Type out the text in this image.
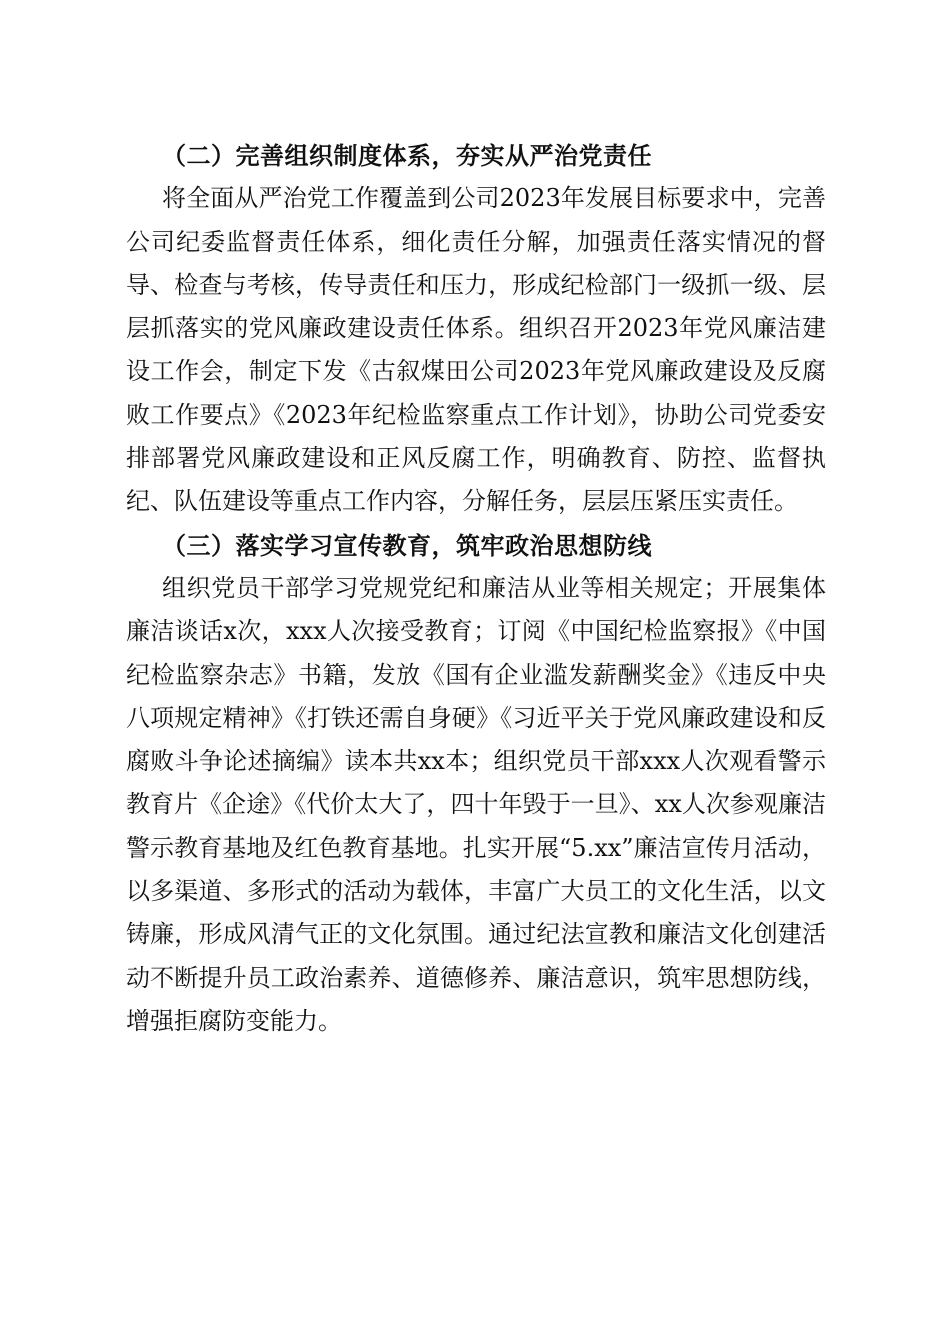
（二）完善组织制度体系，夯实从严治党责任

将全面从严治党工作覆盖到公司2023年发展目标要求中，完善公司纪委监督责任体系，细化责任分解，加强责任落实情况的督导、检查与考核，传导责任和压力，形成纪检部门一级抓一级、层层抓落实的党风廉政建设责任体系。组织召开2023年党风廉洁建设工作会，制定下发《古叙煤田公司2023年党风廉政建设及反腐败工作要点》《2023年纪检监察重点工作计划》，协助公司党委安排部署党风廉政建设和正风反腐工作，明确教育、防控、监督执纪、队伍建设等重点工作内容，分解任务，层层压紧压实责任。

（三）落实学习宣传教育，筑牢政治思想防线

组织党员干部学习党规党纪和廉洁从业等相关规定；开展集体廉洁谈话x次，xxx人次接受教育；订阅《中国纪检监察报》《中国纪检监察杂志》书籍，发放《国有企业滥发薪酬奖金》《违反中央八项规定精神》《打铁还需自身硬》《习近平关于党风廉政建设和反腐败斗争论述摘编》读本共xx本；组织党员干部xxx人次观看警示教育片《企途》《代价太大了，四十年毁于一旦》、xx人次参观廉洁警示教育基地及红色教育基地。扎实开展“5.xx”廉洁宣传月活动，以多渠道、多形式的活动为载体，丰富广大员工的文化生活，以文铸廉，形成风清气正的文化氛围。通过纪法宣教和廉洁文化创建活动不断提升员工政治素养、道德修养、廉洁意识，筑牢思想防线，增强拒腐防变能力。
